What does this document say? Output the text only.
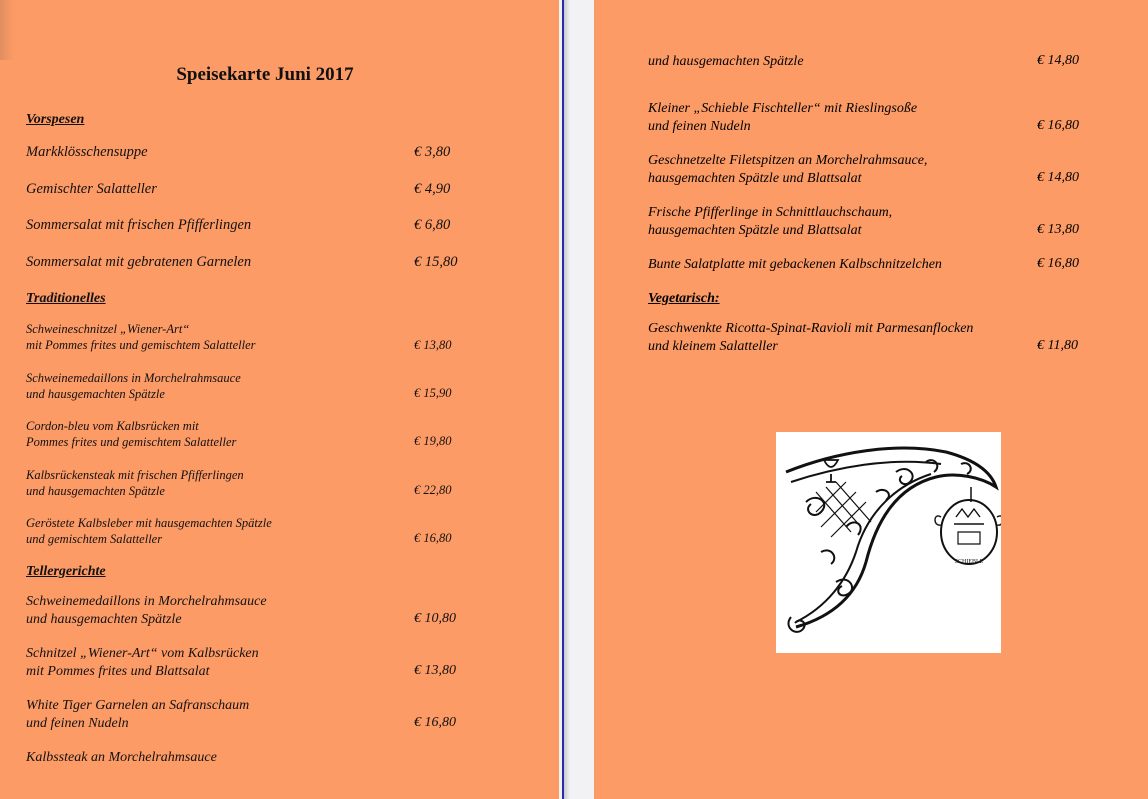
Speisekarte Juni 2017
Vorspesen
Markklösschensuppe	€ 3,80
Gemischter Salatteller	€ 4,90
Sommersalat mit frischen Pfifferlingen	€ 6,80
Sommersalat mit gebratenen Garnelen	€ 15,80
Traditionelles
Schweineschnitzel „Wiener-Art“
mit Pommes frites und gemischtem Salatteller	€ 13,80
Schweinemedaillons in Morchelrahmsauce
und hausgemachten Spätzle	€ 15,90
Cordon-bleu vom Kalbsrücken mit
Pommes frites und gemischtem Salatteller	€ 19,80
Kalbsrückensteak mit frischen Pfifferlingen
und hausgemachten Spätzle	€ 22,80
Geröstete Kalbsleber mit hausgemachten Spätzle
und gemischtem Salatteller	€ 16,80
Tellergerichte
Schweinemedaillons in Morchelrahmsauce
und hausgemachten Spätzle	€ 10,80
Schnitzel „Wiener-Art“ vom Kalbsrücken
mit Pommes frites und Blattsalat	€ 13,80
White Tiger Garnelen an Safranschaum
und feinen Nudeln	€ 16,80
Kalbssteak an Morchelrahmsauce
und hausgemachten Spätzle	€ 14,80
Kleiner „Schieble Fischteller“ mit Rieslingsoße
und feinen Nudeln	€ 16,80
Geschnetzelte Filetspitzen an Morchelrahmsauce,
hausgemachten Spätzle und Blattsalat	€ 14,80
Frische Pfifferlinge in Schnittlauchschaum,
hausgemachten Spätzle und Blattsalat	€ 13,80
Bunte Salatplatte mit gebackenen Kalbschnitzelchen	€ 16,80
Vegetarisch:
Geschwenkte Ricotta-Spinat-Ravioli mit Parmesanflocken
und kleinem Salatteller	€ 11,80
SCHIEBLE
